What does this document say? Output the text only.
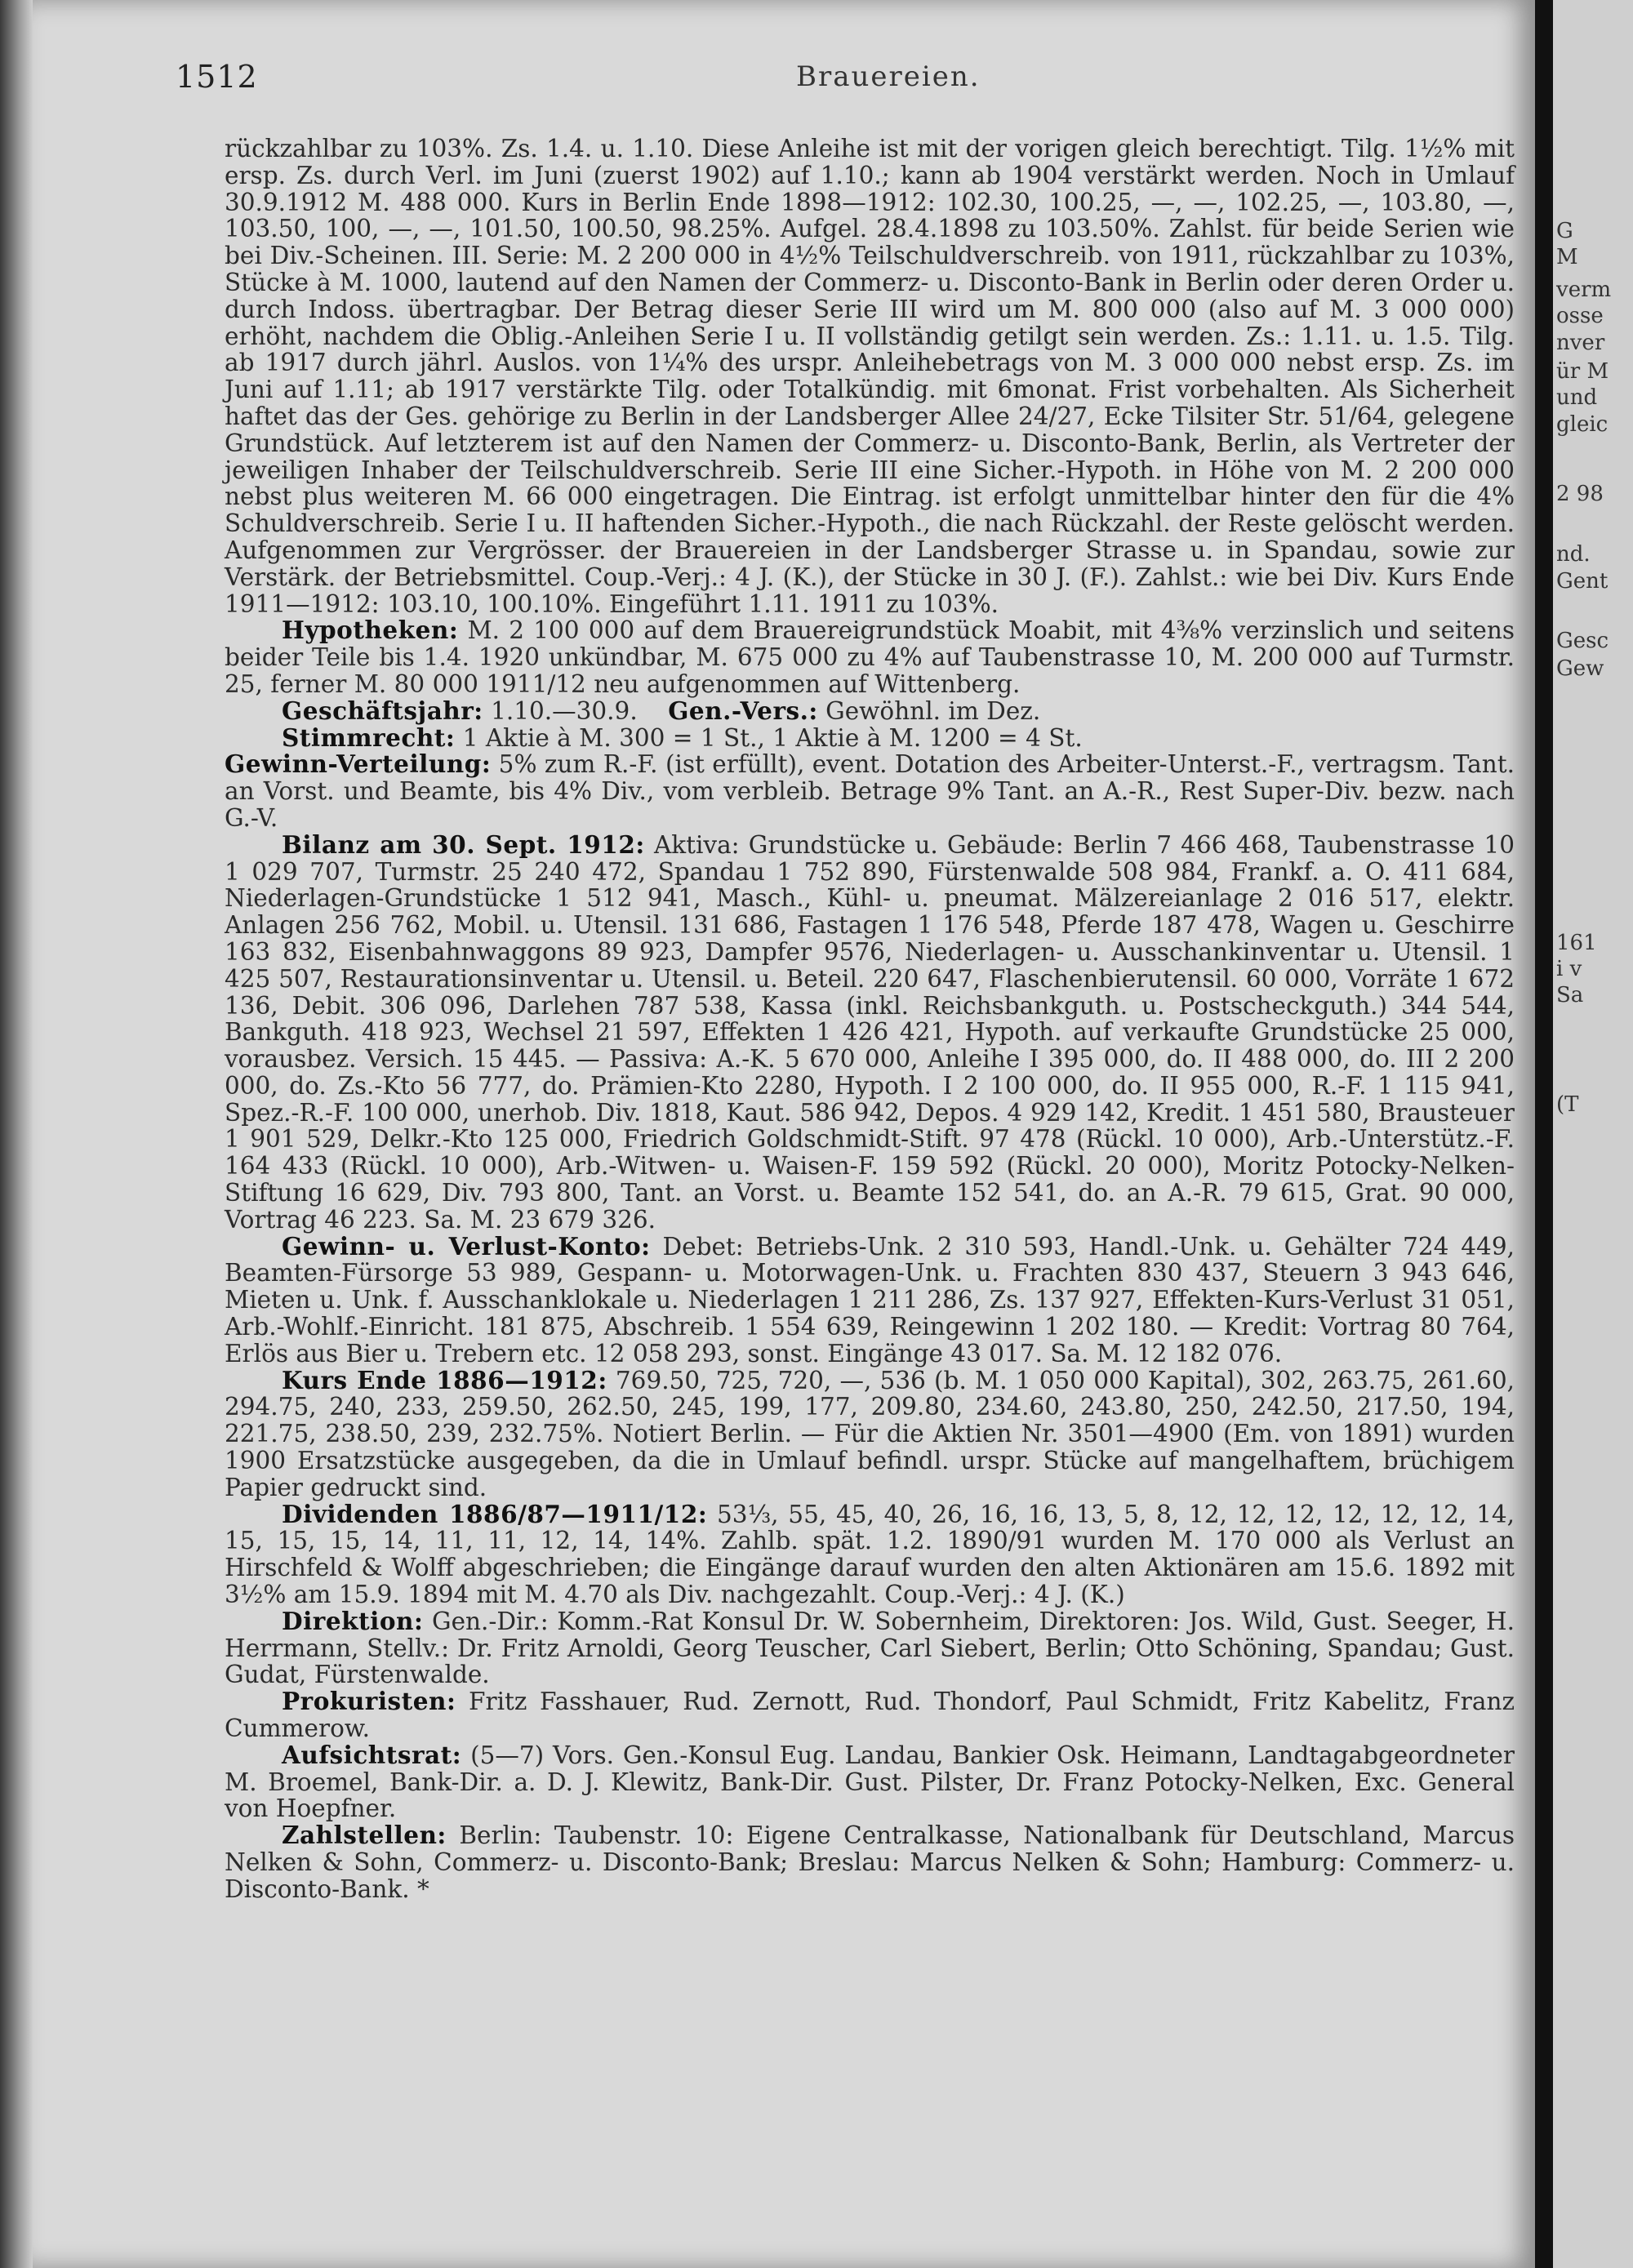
1512	Brauereien.

rückzahlbar zu 103%. Zs. 1.4. u. 1.10. Diese Anleihe ist mit der vorigen gleich berechtigt. Tilg. 1½% mit ersp. Zs. durch Verl. im Juni (zuerst 1902) auf 1.10.; kann ab 1904 verstärkt werden. Noch in Umlauf 30.9.1912 M. 488 000. Kurs in Berlin Ende 1898—1912: 102.30, 100.25, —, —, 102.25, —, 103.80, —, 103.50, 100, —, —, 101.50, 100.50, 98.25%. Aufgel. 28.4.1898 zu 103.50%. Zahlst. für beide Serien wie bei Div.-Scheinen. III. Serie: M. 2 200 000 in 4½% Teilschuldverschreib. von 1911, rückzahlbar zu 103%, Stücke à M. 1000, lautend auf den Namen der Commerz- u. Disconto-Bank in Berlin oder deren Order u. durch Indoss. übertragbar. Der Betrag dieser Serie III wird um M. 800 000 (also auf M. 3 000 000) erhöht, nachdem die Oblig.-Anleihen Serie I u. II vollständig getilgt sein werden. Zs.: 1.11. u. 1.5. Tilg. ab 1917 durch jährl. Auslos. von 1¼% des urspr. Anleihebetrags von M. 3 000 000 nebst ersp. Zs. im Juni auf 1.11; ab 1917 verstärkte Tilg. oder Totalkündig. mit 6monat. Frist vorbehalten. Als Sicherheit haftet das der Ges. gehörige zu Berlin in der Landsberger Allee 24/27, Ecke Tilsiter Str. 51/64, gelegene Grundstück. Auf letzterem ist auf den Namen der Commerz- u. Disconto-Bank, Berlin, als Vertreter der jeweiligen Inhaber der Teilschuldverschreib. Serie III eine Sicher.-Hypoth. in Höhe von M. 2 200 000 nebst plus weiteren M. 66 000 eingetragen. Die Eintrag. ist erfolgt unmittelbar hinter den für die 4% Schuldverschreib. Serie I u. II haftenden Sicher.-Hypoth., die nach Rückzahl. der Reste gelöscht werden. Aufgenommen zur Vergrösser. der Brauereien in der Landsberger Strasse u. in Spandau, sowie zur Verstärk. der Betriebsmittel. Coup.-Verj.: 4 J. (K.), der Stücke in 30 J. (F.). Zahlst.: wie bei Div. Kurs Ende 1911—1912: 103.10, 100.10%. Eingeführt 1.11. 1911 zu 103%.

Hypotheken: M. 2 100 000 auf dem Brauereigrundstück Moabit, mit 4⅜% verzinslich und seitens beider Teile bis 1.4. 1920 unkündbar, M. 675 000 zu 4% auf Taubenstrasse 10, M. 200 000 auf Turmstr. 25, ferner M. 80 000 1911/12 neu aufgenommen auf Wittenberg.

Geschäftsjahr: 1.10.—30.9. Gen.-Vers.: Gewöhnl. im Dez.

Stimmrecht: 1 Aktie à M. 300 = 1 St., 1 Aktie à M. 1200 = 4 St.

Gewinn-Verteilung: 5% zum R.-F. (ist erfüllt), event. Dotation des Arbeiter-Unterst.-F., vertragsm. Tant. an Vorst. und Beamte, bis 4% Div., vom verbleib. Betrage 9% Tant. an A.-R., Rest Super-Div. bezw. nach G.-V.

Bilanz am 30. Sept. 1912: Aktiva: Grundstücke u. Gebäude: Berlin 7 466 468, Taubenstrasse 10 1 029 707, Turmstr. 25 240 472, Spandau 1 752 890, Fürstenwalde 508 984, Frankf. a. O. 411 684, Niederlagen-Grundstücke 1 512 941, Masch., Kühl- u. pneumat. Mälzereianlage 2 016 517, elektr. Anlagen 256 762, Mobil. u. Utensil. 131 686, Fastagen 1 176 548, Pferde 187 478, Wagen u. Geschirre 163 832, Eisenbahnwaggons 89 923, Dampfer 9576, Niederlagen- u. Ausschankinventar u. Utensil. 1 425 507, Restaurationsinventar u. Utensil. u. Beteil. 220 647, Flaschenbierutensil. 60 000, Vorräte 1 672 136, Debit. 306 096, Darlehen 787 538, Kassa (inkl. Reichsbankguth. u. Postscheckguth.) 344 544, Bankguth. 418 923, Wechsel 21 597, Effekten 1 426 421, Hypoth. auf verkaufte Grundstücke 25 000, vorausbez. Versich. 15 445. — Passiva: A.-K. 5 670 000, Anleihe I 395 000, do. II 488 000, do. III 2 200 000, do. Zs.-Kto 56 777, do. Prämien-Kto 2280, Hypoth. I 2 100 000, do. II 955 000, R.-F. 1 115 941, Spez.-R.-F. 100 000, unerhob. Div. 1818, Kaut. 586 942, Depos. 4 929 142, Kredit. 1 451 580, Brausteuer 1 901 529, Delkr.-Kto 125 000, Friedrich Goldschmidt-Stift. 97 478 (Rückl. 10 000), Arb.-Unterstütz.-F. 164 433 (Rückl. 10 000), Arb.-Witwen- u. Waisen-F. 159 592 (Rückl. 20 000), Moritz Potocky-Nelken-Stiftung 16 629, Div. 793 800, Tant. an Vorst. u. Beamte 152 541, do. an A.-R. 79 615, Grat. 90 000, Vortrag 46 223. Sa. M. 23 679 326.

Gewinn- u. Verlust-Konto: Debet: Betriebs-Unk. 2 310 593, Handl.-Unk. u. Gehälter 724 449, Beamten-Fürsorge 53 989, Gespann- u. Motorwagen-Unk. u. Frachten 830 437, Steuern 3 943 646, Mieten u. Unk. f. Ausschanklokale u. Niederlagen 1 211 286, Zs. 137 927, Effekten-Kurs-Verlust 31 051, Arb.-Wohlf.-Einricht. 181 875, Abschreib. 1 554 639, Reingewinn 1 202 180. — Kredit: Vortrag 80 764, Erlös aus Bier u. Trebern etc. 12 058 293, sonst. Eingänge 43 017. Sa. M. 12 182 076.

Kurs Ende 1886—1912: 769.50, 725, 720, —, 536 (b. M. 1 050 000 Kapital), 302, 263.75, 261.60, 294.75, 240, 233, 259.50, 262.50, 245, 199, 177, 209.80, 234.60, 243.80, 250, 242.50, 217.50, 194, 221.75, 238.50, 239, 232.75%. Notiert Berlin. — Für die Aktien Nr. 3501—4900 (Em. von 1891) wurden 1900 Ersatzstücke ausgegeben, da die in Umlauf befindl. urspr. Stücke auf mangelhaftem, brüchigem Papier gedruckt sind.

Dividenden 1886/87—1911/12: 53⅓, 55, 45, 40, 26, 16, 16, 13, 5, 8, 12, 12, 12, 12, 12, 12, 14, 15, 15, 15, 14, 11, 11, 12, 14, 14%. Zahlb. spät. 1.2. 1890/91 wurden M. 170 000 als Verlust an Hirschfeld & Wolff abgeschrieben; die Eingänge darauf wurden den alten Aktionären am 15.6. 1892 mit 3½% am 15.9. 1894 mit M. 4.70 als Div. nachgezahlt. Coup.-Verj.: 4 J. (K.)

Direktion: Gen.-Dir.: Komm.-Rat Konsul Dr. W. Sobernheim, Direktoren: Jos. Wild, Gust. Seeger, H. Herrmann, Stellv.: Dr. Fritz Arnoldi, Georg Teuscher, Carl Siebert, Berlin; Otto Schöning, Spandau; Gust. Gudat, Fürstenwalde.

Prokuristen: Fritz Fasshauer, Rud. Zernott, Rud. Thondorf, Paul Schmidt, Fritz Kabelitz, Franz Cummerow.

Aufsichtsrat: (5—7) Vors. Gen.-Konsul Eug. Landau, Bankier Osk. Heimann, Landtagabgeordneter M. Broemel, Bank-Dir. a. D. J. Klewitz, Bank-Dir. Gust. Pilster, Dr. Franz Potocky-Nelken, Exc. General von Hoepfner.

Zahlstellen: Berlin: Taubenstr. 10: Eigene Centralkasse, Nationalbank für Deutschland, Marcus Nelken & Sohn, Commerz- u. Disconto-Bank; Breslau: Marcus Nelken & Sohn; Hamburg: Commerz- u. Disconto-Bank. *

G
M
verm
osse
nver
ür M
und
gleic
2 98
nd.
Gent
Gesc
Gew
161
i v
Sa
(T
